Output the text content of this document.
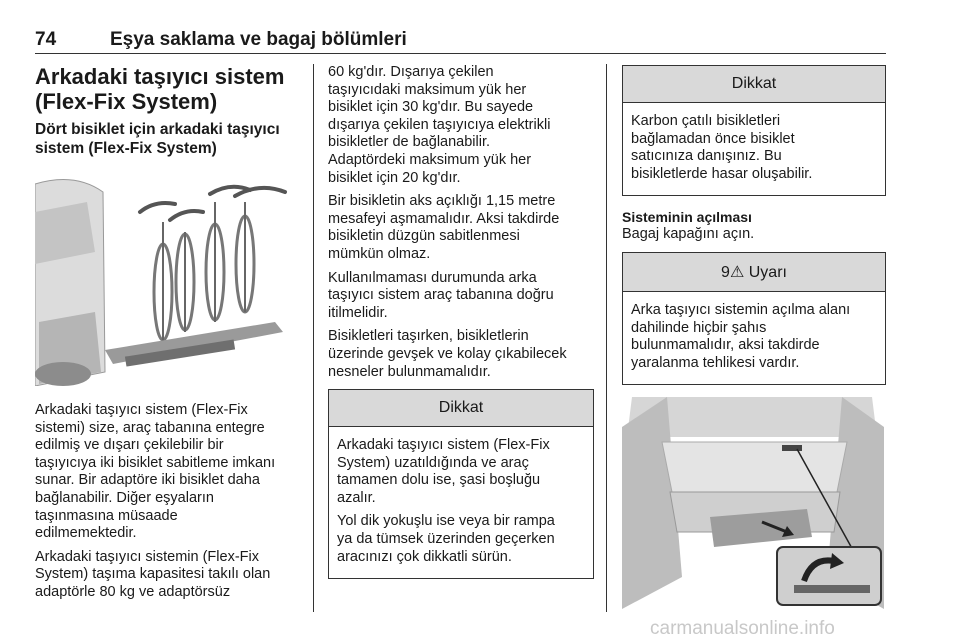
74	Eşya saklama ve bagaj bölümleri
Arkadaki taşıyıcı sistem
(Flex-Fix System)
Dört bisiklet için arkadaki taşıyıcı
sistem (Flex-Fix System)

Arkadaki taşıyıcı sistem (Flex-Fix
sistemi) size, araç tabanına entegre
edilmiş ve dışarı çekilebilir bir
taşıyıcıya iki bisiklet sabitleme imkanı
sunar. Bir adaptöre iki bisiklet daha
bağlanabilir. Diğer eşyaların
taşınmasına müsaade
edilmemektedir.

Arkadaki taşıyıcı sistemin (Flex-Fix
System) taşıma kapasitesi takılı olan
adaptörle 80 kg ve adaptörsüz

60 kg'dır. Dışarıya çekilen
taşıyıcıdaki maksimum yük her
bisiklet için 30 kg'dır. Bu sayede
dışarıya çekilen taşıyıcıya elektrikli
bisikletler de bağlanabilir.
Adaptördeki maksimum yük her
bisiklet için 20 kg'dır.

Bir bisikletin aks açıklığı 1,15 metre
mesafeyi aşmamalıdır. Aksi takdirde
bisikletin düzgün sabitlenmesi
mümkün olmaz.

Kullanılmaması durumunda arka
taşıyıcı sistem araç tabanına doğru
itilmelidir.

Bisikletleri taşırken, bisikletlerin
üzerinde gevşek ve kolay çıkabilecek
nesneler bulunmamalıdır.

Dikkat

Arkadaki taşıyıcı sistem (Flex-Fix
System) uzatıldığında ve araç
tamamen dolu ise, şasi boşluğu
azalır.

Yol dik yokuşlu ise veya bir rampa
ya da tümsek üzerinden geçerken
aracınızı çok dikkatli sürün.

Dikkat

Karbon çatılı bisikletleri
bağlamadan önce bisiklet
satıcınıza danışınız. Bu
bisikletlerde hasar oluşabilir.

Sisteminin açılması

Bagaj kapağını açın.

9⚠ Uyarı

Arka taşıyıcı sistemin açılma alanı
dahilinde hiçbir şahıs
bulunmamalıdır, aksi takdirde
yaralanma tehlikesi vardır.

carmanualsonline.info
